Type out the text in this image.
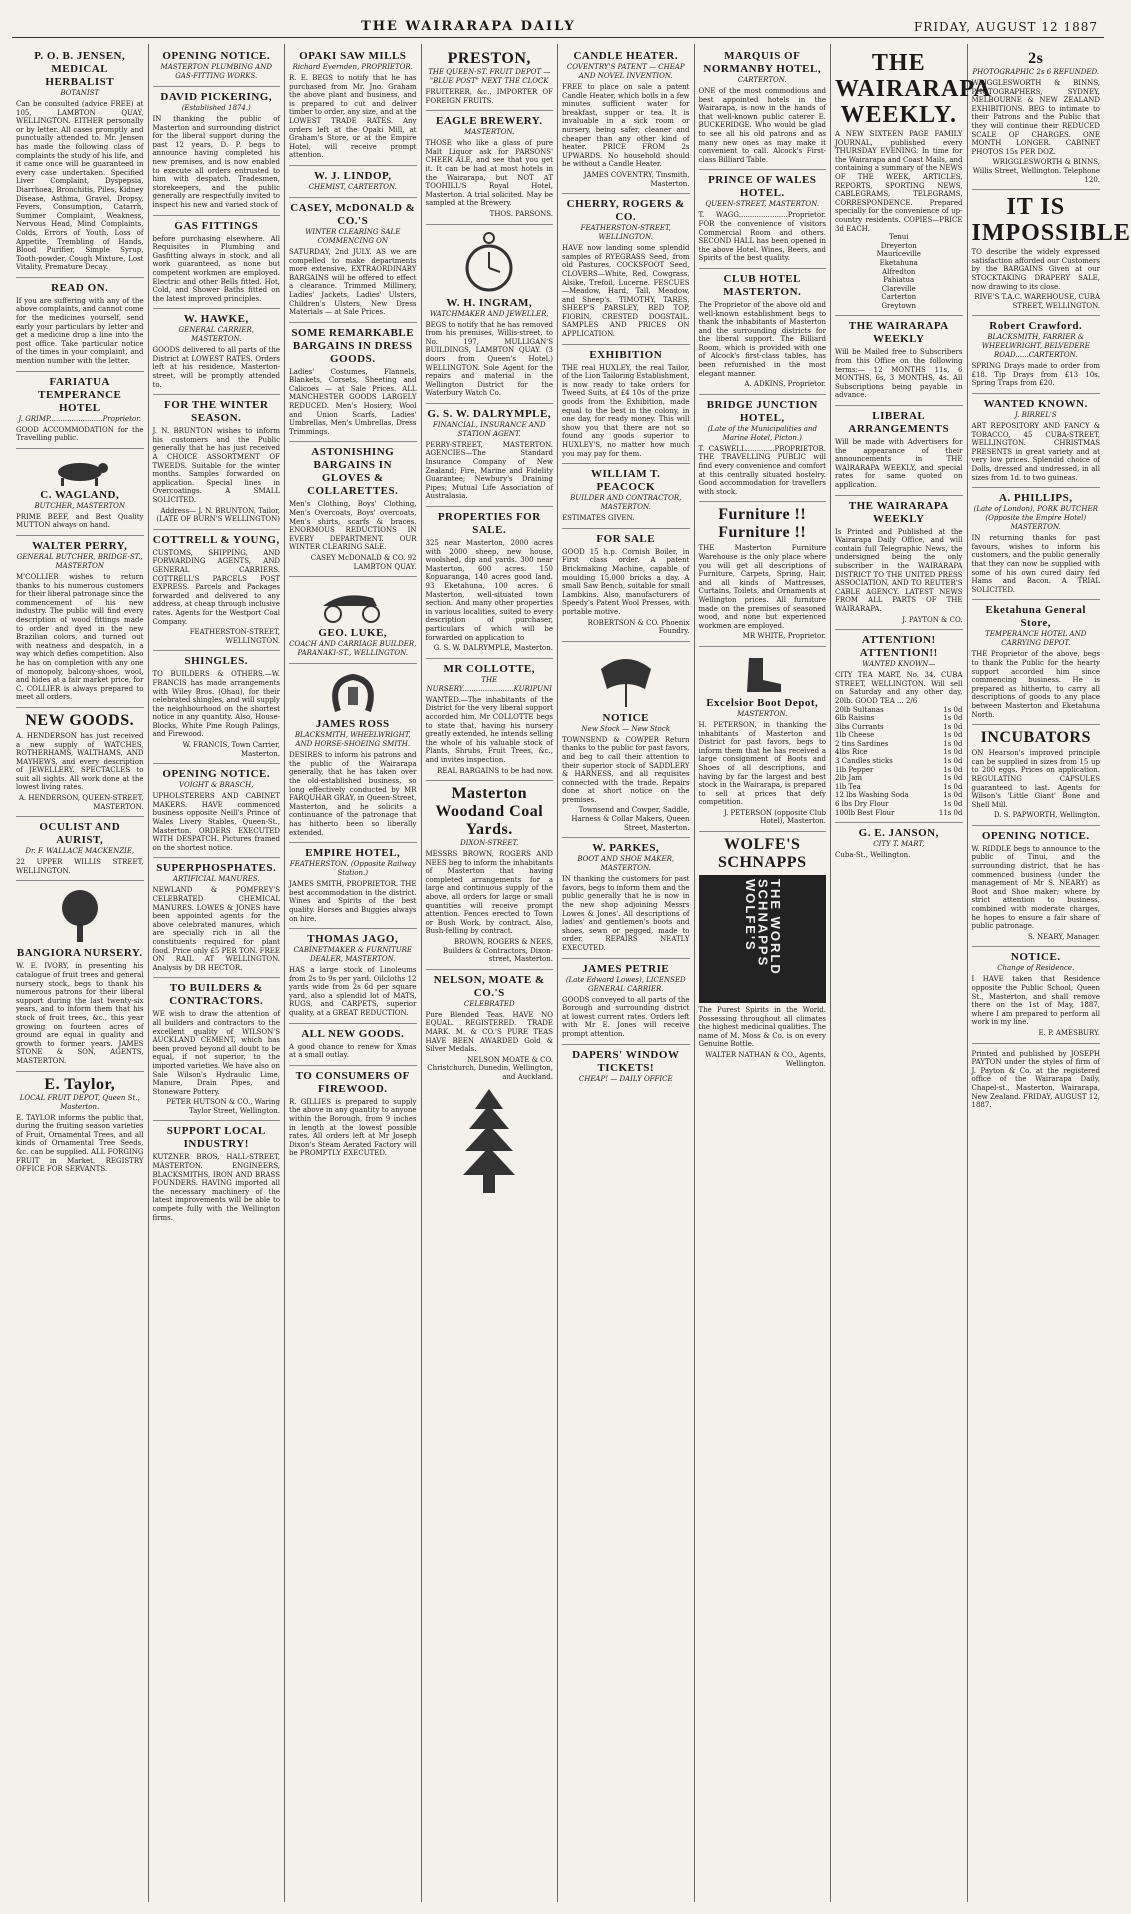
THE WAIRARAPA DAILY	FRIDAY, AUGUST 12 1887
P. O. B. JENSEN, MEDICAL HERBALIST
BOTANIST
Can be consulted (advice FREE) at 105, LAMBTON QUAY, WELLINGTON. EITHER personally or by letter. All cases promptly and punctually attended to. Mr. Jensen has made the following class of complaints the study of his life, and it came once will be guaranteed in every case undertaken. Specified Liver Complaint, Dyspepsia, Diarrhoea, Bronchitis, Piles, Kidney Disease, Asthma, Gravel, Dropsy, Fevers, Consumption, Catarrh, Summer Complaint, Weakness, Nervous Head, Mind Complaints, Colds, Errors of Youth, Loss of Appetite, Trembling of Hands, Blood Purifier, Simple Syrup, Tooth-powder, Cough Mixture, Lost Vitality, Premature Decay.
READ ON.
If you are suffering with any of the above complaints, and cannot come for the medicines yourself, send early your particulars by letter and get a medicine drop a line into the post office. Take particular notice of the times in your complaint, and mention number with the letter.
FARIATUA TEMPERANCE HOTEL
J. GRIMP........................Proprietor.
GOOD ACCOMMODATION for the Travelling public.
C. WAGLAND,
BUTCHER, MASTERTON
PRIME BEEF, and Best Quality MUTTON always on hand.
WALTER PERRY,
GENERAL BUTCHER, BRIDGE-ST., MASTERTON
M'COLLIER wishes to return thanks to his numerous customers for their liberal patronage since the commencement of his new industry. The public will find every description of wood fittings made to order and dyed in the new Brazilian colors, and turned out with neatness and despatch, in a way which defies competition. Also he has on completion with any one of monopoly, balcony-shoes, wool, and hides at a fair market price, for C. COLLIER is always prepared to meet all orders.
NEW GOODS.
A. HENDERSON has just received a new supply of WATCHES, ROTHERHAMS, WALTHAMS, AND MAYHEWS, and every description of JEWELLERY. SPECTACLES to suit all sights. All work done at the lowest living rates.
A. HENDERSON, QUEEN-STREET, MASTERTON.
OCULIST AND AURIST,
Dr. F. WALLACE MACKENZIE,
22 UPPER WILLIS STREET, WELLINGTON.
BANGIORA NURSERY.
W. E. IVORY, in presenting his catalogue of fruit trees and general nursery stock, begs to thank his numerous patrons for their liberal support during the last twenty-six years, and to inform them that his stock of fruit trees, &c., this year growing on fourteen acres of ground are equal in quality and growth to former years. JAMES STONE & SON, AGENTS, MASTERTON.
E. Taylor,
LOCAL FRUIT DEPOT, Queen St., Masterton.
E. TAYLOR informs the public that, during the fruiting season varieties of Fruit, Ornamental Trees, and all kinds of Ornamental Tree Seeds, &c. can be supplied. ALL FORGING FRUIT in Market. REGISTRY OFFICE FOR SERVANTS.
OPENING NOTICE.
MASTERTON PLUMBING AND GAS-FITTING WORKS.
DAVID PICKERING,
(Established 1874.)
IN thanking the public of Masterton and surrounding district for the liberal support during the past 12 years, D. P. begs to announce having completed his new premises, and is now enabled to execute all orders entrusted to him with despatch. Tradesmen, storekeepers, and the public generally are respectfully invited to inspect his new and varied stock of
GAS FITTINGS
before purchasing elsewhere. All Requisites in Plumbing and Gasfitting always in stock, and all work guaranteed, as none but competent workmen are employed. Electric and other Bells fitted. Hot, Cold, and Shower Baths fitted on the latest improved principles.
W. HAWKE,
GENERAL CARRIER, MASTERTON.
GOODS delivered to all parts of the District at LOWEST RATES. Orders left at his residence, Masterton-street, will be promptly attended to.
FOR THE WINTER SEASON.
J. N. BRUNTON wishes to inform his customers and the Public generally that he has just received A CHOICE ASSORTMENT OF TWEEDS. Suitable for the winter months. Samples forwarded on application. Special lines in Overcoatings. A SMALL SOLICITED.
Address— J. N. BRUNTON, Tailor, (LATE OF BURN'S WELLINGTON)
COTTRELL & YOUNG,
CUSTOMS, SHIPPING, AND FORWARDING AGENTS, AND GENERAL CARRIERS. COTTRELL'S PARCELS POST EXPRESS. Parcels and Packages forwarded and delivered to any address, at cheap through inclusive rates. Agents for the Westport Coal Company.
FEATHERSTON-STREET, WELLINGTON.
SHINGLES.
TO BUILDERS & OTHERS.—W. FRANCIS has made arrangements with Wiley Bros. (Ohau), for their celebrated shingles, and will supply the neighbourhood on the shortest notice in any quantity. Also, House-Blocks, White Pine Rough Palings, and Firewood.
W. FRANCIS, Town Carrier, Masterton.
OPENING NOTICE.
VOIGHT & BRASCH,
UPHOLSTERERS AND CABINET MAKERS. HAVE commenced business opposite Neill's Prince of Wales Livery Stables, Queen-St., Masterton. ORDERS EXECUTED WITH DESPATCH. Pictures framed on the shortest notice.
SUPERPHOSPHATES.
ARTIFICIAL MANURES.
NEWLAND & POMFREY'S CELEBRATED CHEMICAL MANURES. LOWES & JONES have been appointed agents for the above celebrated manures, which are specially rich in all the constituents required for plant food. Price only £5 PER TON. FREE ON RAIL AT WELLINGTON. Analysis by DR HECTOR.
TO BUILDERS & CONTRACTORS.
WE wish to draw the attention of all builders and contractors to the excellent quality of WILSON'S AUCKLAND CEMENT, which has been proved beyond all doubt to be equal, if not superior, to the imported varieties. We have also on Sale Wilson's Hydraulic Lime, Manure, Drain Pipes, and Stoneware Pottery.
PETER HUTSON & CO., Waring Taylor Street, Wellington.
SUPPORT LOCAL INDUSTRY!
KUTZNER BROS, HALL-STREET, MASTERTON. ENGINEERS, BLACKSMITHS, IRON AND BRASS FOUNDERS. HAVING imported all the necessary machinery of the latest improvements will be able to compete fully with the Wellington firms.
OPAKI SAW MILLS
Richard Evernden, PROPRIETOR.
R. E. BEGS to notify that he has purchased from Mr. Jno. Graham the above plant and business, and is prepared to cut and deliver timber to order, any size, and at the LOWEST TRADE RATES. Any orders left at the Opaki Mill, at Graham's Store, or at the Empire Hotel, will receive prompt attention.
W. J. LINDOP,
CHEMIST, CARTERTON.
CASEY, McDONALD & CO.'S
WINTER CLEARING SALE COMMENCING ON
SATURDAY, 2nd JULY. AS we are compelled to make departments more extensive, EXTRAORDINARY BARGAINS will be offered to effect a clearance. Trimmed Millinery, Ladies' Jackets, Ladies' Ulsters, Children's Ulsters, New Dress Materials — at Sale Prices.
SOME REMARKABLE BARGAINS IN DRESS GOODS.
Ladies' Costumes, Flannels, Blankets, Corsets, Sheeting and Calicoes — at Sale Prices. ALL MANCHESTER GOODS LARGELY REDUCED. Men's Hosiery, Wool and Union Scarfs, Ladies' Umbrellas, Men's Umbrellas, Dress Trimmings.
ASTONISHING BARGAINS IN GLOVES & COLLARETTES.
Men's Clothing, Boys' Clothing, Men's Overcoats, Boys' overcoats, Men's shirts, scarfs & braces. ENORMOUS REDUCTIONS IN EVERY DEPARTMENT. OUR WINTER CLEARING SALE.
CASEY McDONALD & CO. 92 LAMBTON QUAY.
GEO. LUKE,
COACH AND CARRIAGE BUILDER, PARANAKI-ST., WELLINGTON.
JAMES ROSS
BLACKSMITH, WHEELWRIGHT, AND HORSE-SHOEING SMITH.
DESIRES to inform his patrons and the public of the Wairarapa generally, that he has taken over the old-established business, so long effectively conducted by MR FARQUHAR GRAY, in Queen-Street, Masterton, and he solicits a continuance of the patronage that has hitherto been so liberally extended.
EMPIRE HOTEL,
FEATHERSTON. (Opposite Railway Station.)
JAMES SMITH, PROPRIETOR. THE best accommodation in the district. Wines and Spirits of the best quality. Horses and Buggies always on hire.
THOMAS JAGO,
CABINETMAKER & FURNITURE DEALER, MASTERTON.
HAS a large stock of Linoleums from 2s to 9s per yard. Oilcloths 12 yards wide from 2s 6d per square yard, also a splendid lot of MATS, RUGS, and CARPETS, superior quality, at a GREAT REDUCTION.
ALL NEW GOODS.
A good chance to renew for Xmas at a small outlay.
TO CONSUMERS OF FIREWOOD.
R. GILLIES is prepared to supply the above in any quantity to anyone within the Borough, from 9 inches in length at the lowest possible rates. All orders left at Mr Joseph Dixon's Steam Aerated Factory will be PROMPTLY EXECUTED.
PRESTON,
THE QUEEN-ST. FRUIT DEPOT — "BLUE POST" NEXT THE CLOCK
FRUITERER, &c., IMPORTER OF FOREIGN FRUITS.
EAGLE BREWERY.
MASTERTON.
THOSE who like a glass of pure Malt Liquor ask for PARSONS' CHEER ALE, and see that you get it. It can be had at most hotels in the Wairarapa, but NOT AT TOOHILL'S Royal Hotel, Masterton. A trial solicited. May be sampled at the Brewery.
THOS. PARSONS.
W. H. INGRAM,
WATCHMAKER AND JEWELLER,
BEGS to notify that he has removed from his premises, Willis-street, to No. 197, MULLIGAN'S BUILDINGS, LAMBTON QUAY. (3 doors from Queen's Hotel,) WELLINGTON. Sole Agent for the repairs and material in the Wellington District for the Waterbury Watch Co.
G. S. W. DALRYMPLE,
FINANCIAL, INSURANCE AND STATION AGENT.
PERRY-STREET, MASTERTON. AGENCIES—The Standard Insurance Company of New Zealand; Fire, Marine and Fidelity Guarantee; Newbury's Draining Pipes; Mutual Life Association of Australasia.
PROPERTIES FOR SALE.
325 near Masterton, 2000 acres with 2000 sheep, new house, woolshed, dip and yards. 300 near Masterton, 600 acres. 150 Kopuaranga, 140 acres good land. 93 Eketahuna, 100 acres. 6 Masterton, well-situated town section. And many other properties in various localities, suited to every description of purchaser, particulars of which will be forwarded on application to
G. S. W. DALRYMPLE, Masterton.
MR COLLOTTE,
THE NURSERY.......................KURIPUNI
WANTED.—The inhabitants of the District for the very liberal support accorded him, Mr COLLOTTE begs to state that, having his nursery greatly extended, he intends selling the whole of his valuable stock of Plants, Shrubs, Fruit Trees, &c., and invites inspection.
REAL BARGAINS to be had now.
Masterton Woodand Coal Yards.
DIXON-STREET.
MESSRS BROWN, ROGERS AND NEES beg to inform the inhabitants of Masterton that having completed arrangements for a large and continuous supply of the above, all orders for large or small quantities will receive prompt attention. Fences erected to Town or Bush Work, by contract. Also, Bush-felling by contract.
BROWN, ROGERS & NEES, Builders & Contractors, Dixon-street, Masterton.
NELSON, MOATE & CO.'S
CELEBRATED
Pure Blended Teas. HAVE NO EQUAL. REGISTERED. TRADE MARK. M. & CO.'S PURE TEAS HAVE BEEN AWARDED Gold & Silver Medals.
NELSON MOATE & CO. Christchurch, Dunedin, Wellington, and Auckland.
CANDLE HEATER.
COVENTRY'S PATENT — CHEAP AND NOVEL INVENTION.
FREE to place on sale a patent Candle Heater, which boils in a few minutes sufficient water for breakfast, supper or tea. It is invaluable in a sick room or nursery, being safer, cleaner and cheaper than any other kind of heater. PRICE FROM 2s UPWARDS. No household should be without a Candle Heater.
JAMES COVENTRY, Tinsmith, Masterton.
CHERRY, ROGERS & CO.
FEATHERSTON-STREET, WELLINGTON.
HAVE now landing some splendid samples of RYEGRASS Seed, from old Pastures, COCKSFOOT Seed, CLOVERS—White, Red, Cowgrass, Alsike, Trefoil, Lucerne. FESCUES—Meadow, Hard, Tall, Meadow, and Sheep's. TIMOTHY, TARES, SHEEP'S PARSLEY, RED TOP, FIORIN, CRESTED DOGSTAIL. SAMPLES AND PRICES ON APPLICATION.
EXHIBITION
THE real HUXLEY, the real Tailor, of the Lion Tailoring Establishment, is now ready to take orders for Tweed Suits, at £4 10s of the prize goods from the Exhibition, made equal to the best in the colony, in one day, for ready money. This will show you that there are not so found any goods superior to HUXLEY'S, no matter how much you may pay for them.
WILLIAM T. PEACOCK
BUILDER AND CONTRACTOR, MASTERTON.
ESTIMATES GIVEN.
FOR SALE
GOOD 15 h.p. Cornish Boiler, in First class order. A patent Brickmaking Machine, capable of moulding 15,000 bricks a day. A small Saw Bench, suitable for small Lambkins. Also, manufacturers of Speedy's Patent Wool Presses, with portable motive.
ROBERTSON & CO. Phoenix Foundry.
NOTICE
New Stock — New Stock
TOWNSEND & COWPER Return thanks to the public for past favors, and beg to call their attention to their superior stock of SADDLERY & HARNESS, and all requisites connected with the trade. Repairs done at short notice on the premises.
Townsend and Cowper, Saddle, Harness & Collar Makers, Queen Street, Masterton.
W. PARKES,
BOOT AND SHOE MAKER, MASTERTON.
IN thanking the customers for past favors, begs to inform them and the public generally that he is now in the new shop adjoining Messrs Lowes & Jones'. All descriptions of ladies' and gentlemen's boots and shoes, sewn or pegged, made to order. REPAIRS NEATLY EXECUTED.
JAMES PETRIE
(Late Edward Lowes), LICENSED GENERAL CARRIER.
GOODS conveyed to all parts of the Borough and surrounding district at lowest current rates. Orders left with Mr E. Jones will receive prompt attention.
DAPERS' WINDOW TICKETS!
CHEAP! — DAILY OFFICE
MARQUIS OF NORMANBY HOTEL,
CARTERTON.
ONE of the most commodious and best appointed hotels in the Wairarapa, is now in the hands of that well-known public caterer E. BUCKERIDGE. Who would be glad to see all his old patrons and as many new ones as may make it convenient to call. Alcock's First-class Billiard Table.
PRINCE OF WALES HOTEL.
QUEEN-STREET, MASTERTON.
T. WAGG......................Proprietor. FOR the convenience of visitors Commercial Room and others. SECOND HALL has been opened in the above Hotel. Wines, Beers, and Spirits of the best quality.
CLUB HOTEL MASTERTON.
The Proprietor of the above old and well-known establishment begs to thank the inhabitants of Masterton and the surrounding districts for the liberal support. The Billiard Room, which is provided with one of Alcock's first-class tables, has been refurnished in the most elegant manner.
A. ADKINS, Proprietor.
BRIDGE JUNCTION HOTEL,
(Late of the Municipalities and Marine Hotel, Picton.)
T. CASWELL.............PROPRIETOR. THE TRAVELLING PUBLIC will find every convenience and comfort at this centrally situated hostelry. Good accommodation for travellers with stock.
Furniture !! Furniture !!
THE Masterton Furniture Warehouse is the only place where you will get all descriptions of Furniture, Carpets, Spring, Hair, and all kinds of Mattresses, Curtains, Toilets, and Ornaments at Wellington prices. All furniture made on the premises of seasoned wood, and none but experienced workmen are employed.
MR WHITE, Proprietor.
Excelsior Boot Depot,
MASTERTON.
H. PETERSON, in thanking the inhabitants of Masterton and District for past favors, begs to inform them that he has received a large consignment of Boots and Shoes of all descriptions, and having by far the largest and best stock in the Wairarapa, is prepared to sell at prices that defy competition.
J. PETERSON (opposite Club Hotel), Masterton.
WOLFE'S SCHNAPPS
WOLFE'S
SCHNAPPS
THE WORLD
The Purest Spirits in the World. Possessing throughout all climates the highest medicinal qualities. The name of M. Moss & Co. is on every Genuine Bottle.
WALTER NATHAN & CO., Agents, Wellington.
THE WAIRARAPA WEEKLY.
A NEW SIXTEEN PAGE FAMILY JOURNAL, published every THURSDAY EVENING. In time for the Wairarapa and Coast Mails, and containing a summary of the NEWS OF THE WEEK, ARTICLES, REPORTS, SPORTING NEWS, CABLEGRAMS, TELEGRAMS, CORRESPONDENCE. Prepared specially for the convenience of up-country residents. COPIES—PRICE 3d EACH.
Tenui
Dreyerton
Mauriceville
Eketahuna
Alfredton
Pahiatua
Clareville
Carterton
Greytown
THE WAIRARAPA WEEKLY
Will be Mailed free to Subscribers from this Office on the following terms:— 12 MONTHS 11s, 6 MONTHS, 6s, 3 MONTHS, 4s. All Subscriptions being payable in advance.
LIBERAL ARRANGEMENTS
Will be made with Advertisers for the appearance of their announcements in THE WAIRARAPA WEEKLY, and special rates for same quoted on application.
THE WAIRARAPA WEEKLY
Is Printed and Published at the Wairarapa Daily Office, and will contain full Telegraphic News, the undersigned being the only subscriber in the WAIRARAPA DISTRICT TO THE UNITED PRESS ASSOCIATION, AND TO REUTER'S CABLE AGENCY. LATEST NEWS FROM ALL PARTS OF THE WAIRARAPA.
J. PAYTON & CO.
ATTENTION! ATTENTION!!
WANTED KNOWN—
CITY TEA MART, No. 34, CUBA STREET, WELLINGTON. Will sell on Saturday and any other day, 20lb. GOOD TEA ... 2/6
20lb Sultanas	1s 0d
6lb Raisins	1s 0d
3lbs Currants	1s 0d
1lb Cheese	1s 0d
2 tins Sardines	1s 0d
4lbs Rice	1s 0d
3 Candles sticks	1s 0d
1lb Pepper	1s 0d
2lb Jam	1s 0d
1lb Tea	1s 0d
12 lbs Washing Soda	1s 0d
6 lbs Dry Flour	1s 0d
100lb Best Flour	11s 0d
G. E. JANSON,
CITY T. MART,
Cuba-St., Wellington.
2s
PHOTOGRAPHIC 2s 6 REFUNDED.
WRIGGLESWORTH & BINNS, PHOTOGRAPHERS, SYDNEY, MELBOURNE & NEW ZEALAND EXHIBITIONS. BEG to intimate to their Patrons and the Public that they will continue their REDUCED SCALE OF CHARGES. ONE MONTH LONGER. CABINET PHOTOS 15s PER DOZ.
WRIGGLESWORTH & BINNS, Willis Street, Wellington. Telephone 120.
IT IS IMPOSSIBLE
TO describe the widely expressed satisfaction afforded our Customers by the BARGAINS Given at our STOCKTAKING DRAPERY SALE, now drawing to its close.
RIVE'S T.A.C. WAREHOUSE, CUBA STREET, WELLINGTON.
Robert Crawford.
BLACKSMITH, FARRIER & WHEELWRIGHT, BELVEDERE ROAD......CARTERTON.
SPRING Drays made to order from £18. Tip Drays from £13 10s. Spring Traps from £20.
WANTED KNOWN.
J. BIRREL'S
ART REPOSITORY AND FANCY & TOBACCO, 45 CUBA-STREET, WELLINGTON. CHRISTMAS PRESENTS in great variety and at very low prices. Splendid choice of Dolls, dressed and undressed, in all sizes from 1d. to two guineas.
A. PHILLIPS,
(Late of London), PORK BUTCHER (Opposite the Empire Hotel) MASTERTON.
IN returning thanks for past favours, wishes to inform his customers, and the public generally that they can now be supplied with some of his own cured dairy fed Hams and Bacon. A TRIAL SOLICITED.
Eketahuna General Store,
TEMPERANCE HOTEL AND CARRYING DEPOT.
THE Proprietor of the above, begs to thank the Public for the hearty support accorded him since commencing business. He is prepared as hitherto, to carry all descriptions of goods to any place between Masterton and Eketahuna North.
INCUBATORS
ON Hearson's improved principle can be supplied in sizes from 15 up to 200 eggs. Prices on application. REGULATING CAPSULES guaranteed to last. Agents for Wilson's 'Little Giant' Bone and Shell Mill.
D. S. PAPWORTH, Wellington.
OPENING NOTICE.
W. RIDDLE begs to announce to the public of Tinui, and the surrounding district, that he has commenced business (under the management of Mr S. NEARY) as Boot and Shoe maker; where by strict attention to business, combined with moderate charges, he hopes to ensure a fair share of public patronage.
S. NEARY, Manager.
NOTICE.
Change of Residence.
I HAVE taken that Residence opposite the Public School, Queen St., Masterton, and shall remove there on the 1st of May, 1887, where I am prepared to perform all work in my line.
E. P. AMESBURY.
Printed and published by JOSEPH PAYTON under the styles of firm of J. Payton & Co. at the registered office of the Wairarapa Daily, Chapel-st., Masterton, Wairarapa, New Zealand. FRIDAY, AUGUST 12, 1887.
